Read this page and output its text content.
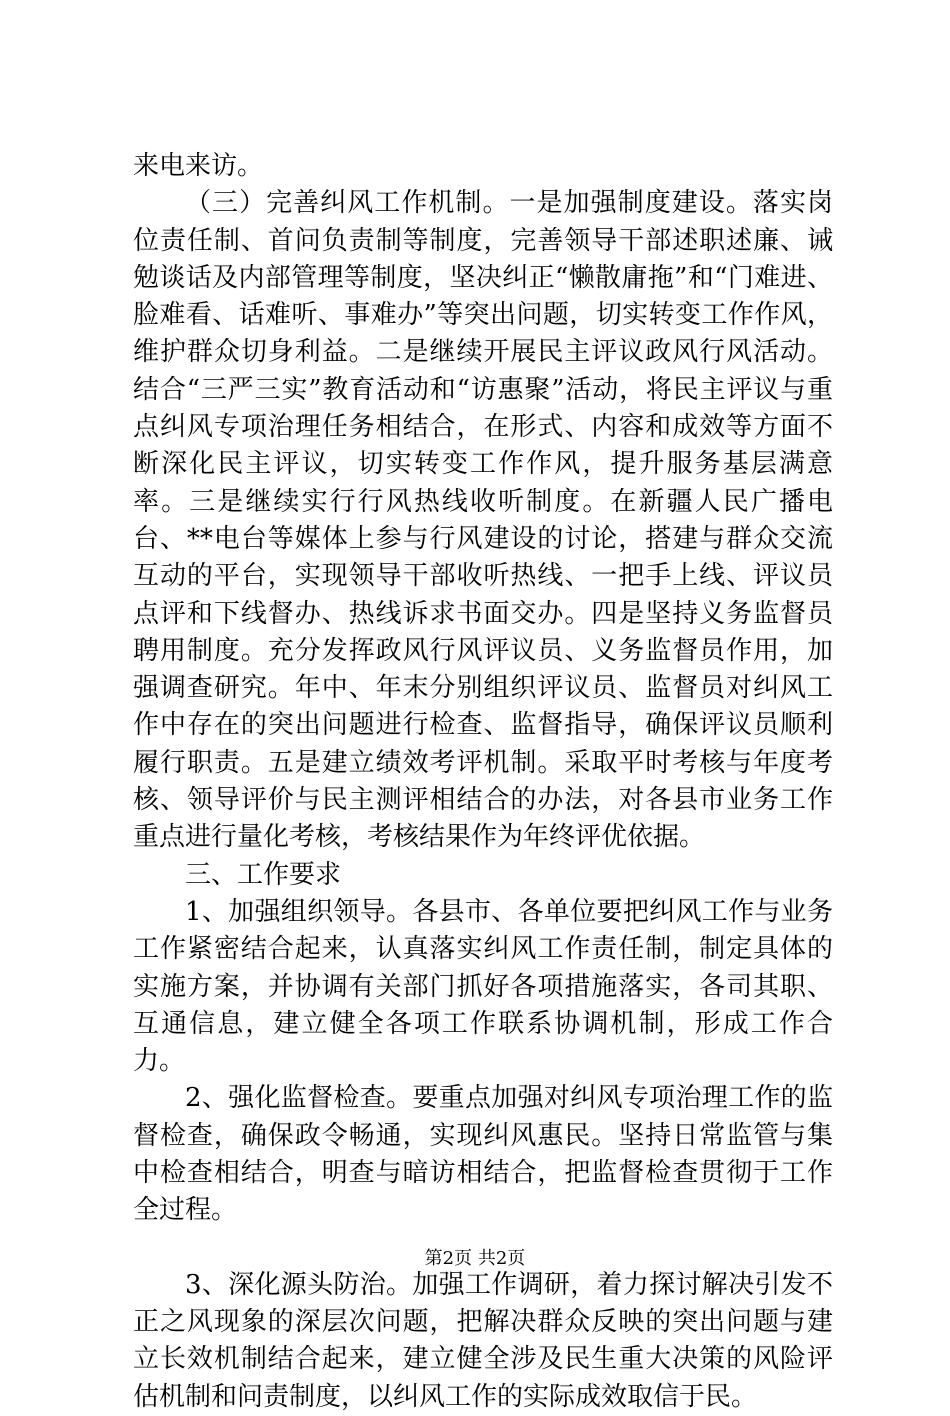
来电来访。

（三）完善纠风工作机制。一是加强制度建设。落实岗位责任制、首问负责制等制度，完善领导干部述职述廉、诫勉谈话及内部管理等制度，坚决纠正“懒散庸拖”和“门难进、脸难看、话难听、事难办”等突出问题，切实转变工作作风，维护群众切身利益。二是继续开展民主评议政风行风活动。结合“三严三实”教育活动和“访惠聚”活动，将民主评议与重点纠风专项治理任务相结合，在形式、内容和成效等方面不断深化民主评议，切实转变工作作风，提升服务基层满意率。三是继续实行行风热线收听制度。在新疆人民广播电台、**电台等媒体上参与行风建设的讨论，搭建与群众交流互动的平台，实现领导干部收听热线、一把手上线、评议员点评和下线督办、热线诉求书面交办。四是坚持义务监督员聘用制度。充分发挥政风行风评议员、义务监督员作用，加强调查研究。年中、年末分别组织评议员、监督员对纠风工作中存在的突出问题进行检查、监督指导，确保评议员顺利履行职责。五是建立绩效考评机制。采取平时考核与年度考核、领导评价与民主测评相结合的办法，对各县市业务工作重点进行量化考核，考核结果作为年终评优依据。

三、工作要求

1、加强组织领导。各县市、各单位要把纠风工作与业务工作紧密结合起来，认真落实纠风工作责任制，制定具体的实施方案，并协调有关部门抓好各项措施落实，各司其职、互通信息，建立健全各项工作联系协调机制，形成工作合力。

2、强化监督检查。要重点加强对纠风专项治理工作的监督检查，确保政令畅通，实现纠风惠民。坚持日常监管与集中检查相结合，明查与暗访相结合，把监督检查贯彻于工作全过程。

3、深化源头防治。加强工作调研，着力探讨解决引发不正之风现象的深层次问题，把解决群众反映的突出问题与建立长效机制结合起来，建立健全涉及民生重大决策的风险评估机制和问责制度，以纠风工作的实际成效取信于民。

第2页 共2页
